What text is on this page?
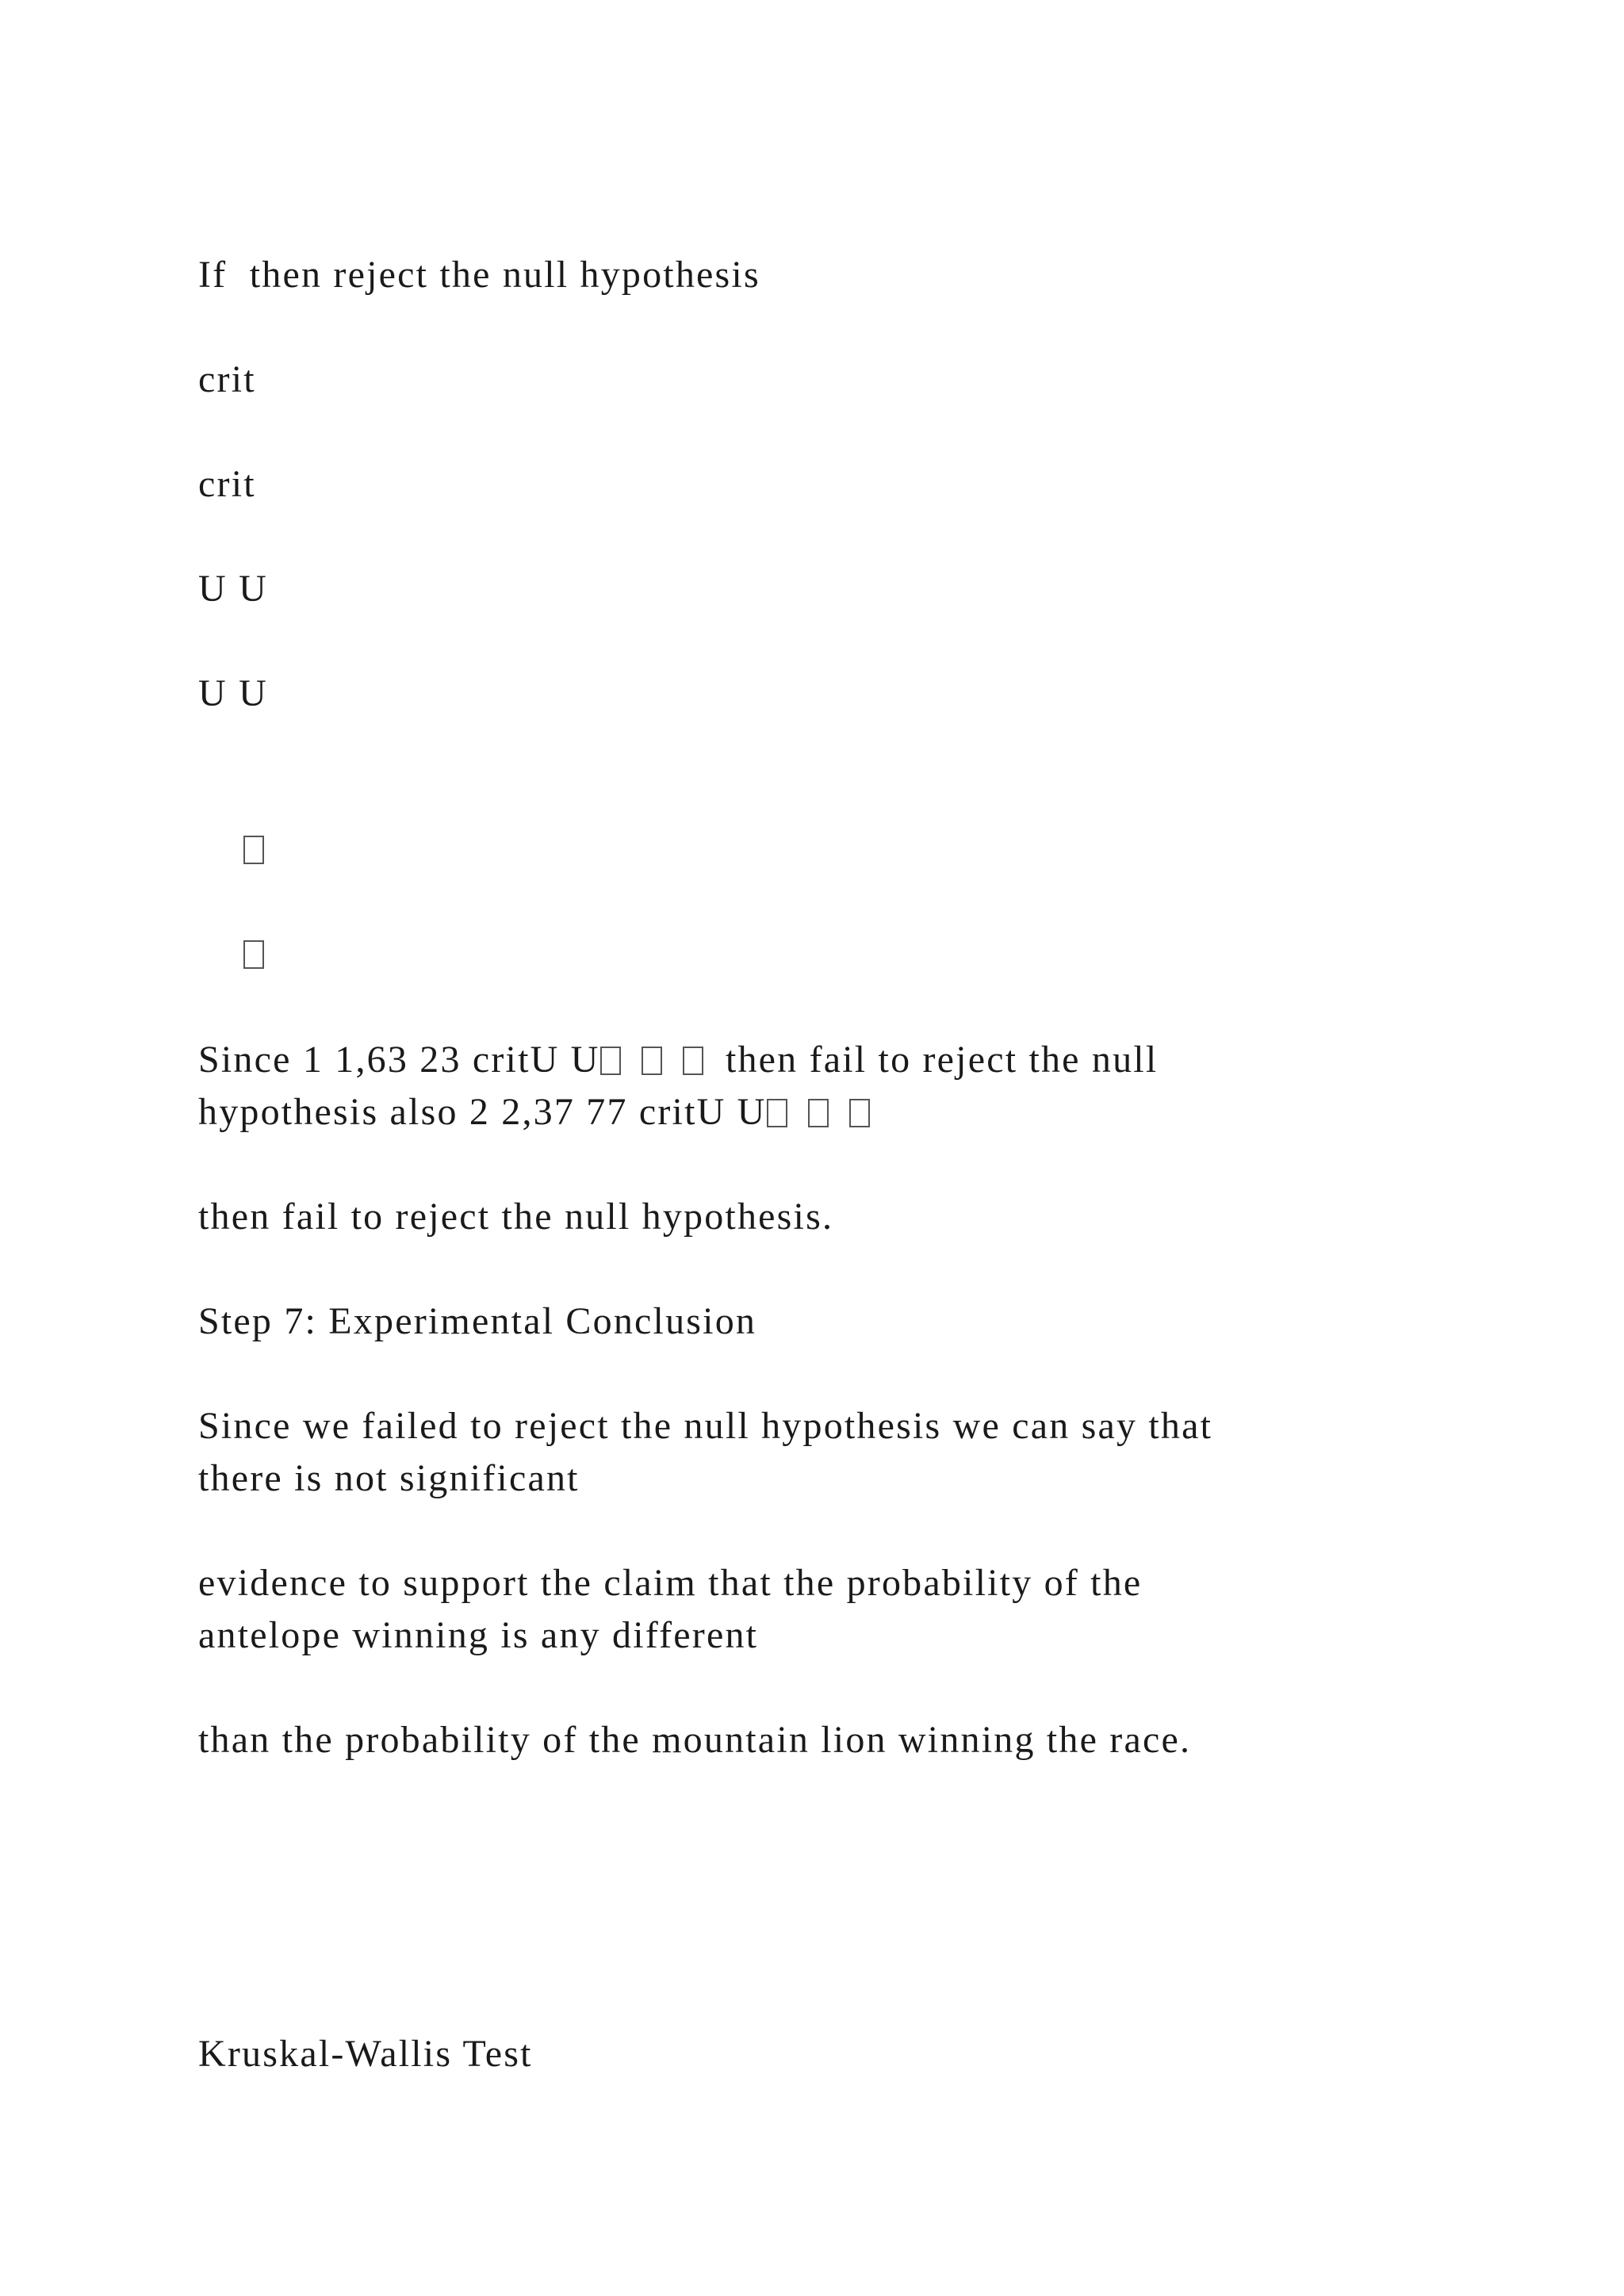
If  then reject the null hypothesis

crit

crit

U U

U U

Since 1 1,63 23 critU U	then fail to reject the null
hypothesis also 2 2,37 77 critU U

then fail to reject the null hypothesis.

Step 7: Experimental Conclusion

Since we failed to reject the null hypothesis we can say that

there is not significant

evidence to support the claim that the probability of the

antelope winning is any different

than the probability of the mountain lion winning the race.

Kruskal-Wallis Test
